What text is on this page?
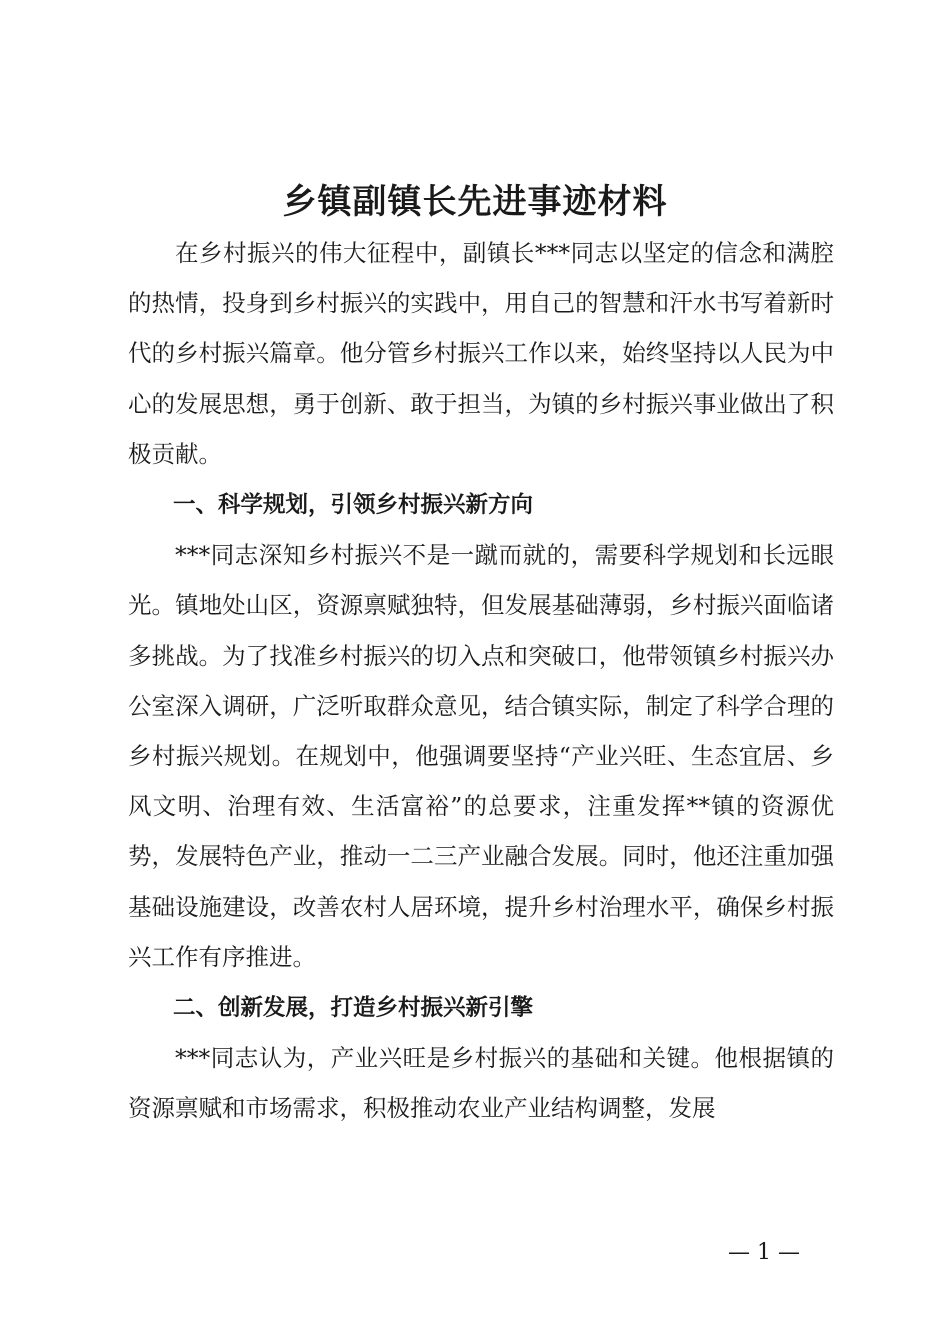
乡镇副镇长先进事迹材料

在乡村振兴的伟大征程中，副镇长***同志以坚定的信念和满腔的热情，投身到乡村振兴的实践中，用自己的智慧和汗水书写着新时代的乡村振兴篇章。他分管乡村振兴工作以来，始终坚持以人民为中心的发展思想，勇于创新、敢于担当，为镇的乡村振兴事业做出了积极贡献。

一、科学规划，引领乡村振兴新方向

***同志深知乡村振兴不是一蹴而就的，需要科学规划和长远眼光。镇地处山区，资源禀赋独特，但发展基础薄弱，乡村振兴面临诸多挑战。为了找准乡村振兴的切入点和突破口，他带领镇乡村振兴办公室深入调研，广泛听取群众意见，结合镇实际，制定了科学合理的乡村振兴规划。在规划中，他强调要坚持“产业兴旺、生态宜居、乡风文明、治理有效、生活富裕”的总要求，注重发挥**镇的资源优势，发展特色产业，推动一二三产业融合发展。同时，他还注重加强基础设施建设，改善农村人居环境，提升乡村治理水平，确保乡村振兴工作有序推进。

二、创新发展，打造乡村振兴新引擎

***同志认为，产业兴旺是乡村振兴的基础和关键。他根据镇的资源禀赋和市场需求，积极推动农业产业结构调整，发展

— 1 —
